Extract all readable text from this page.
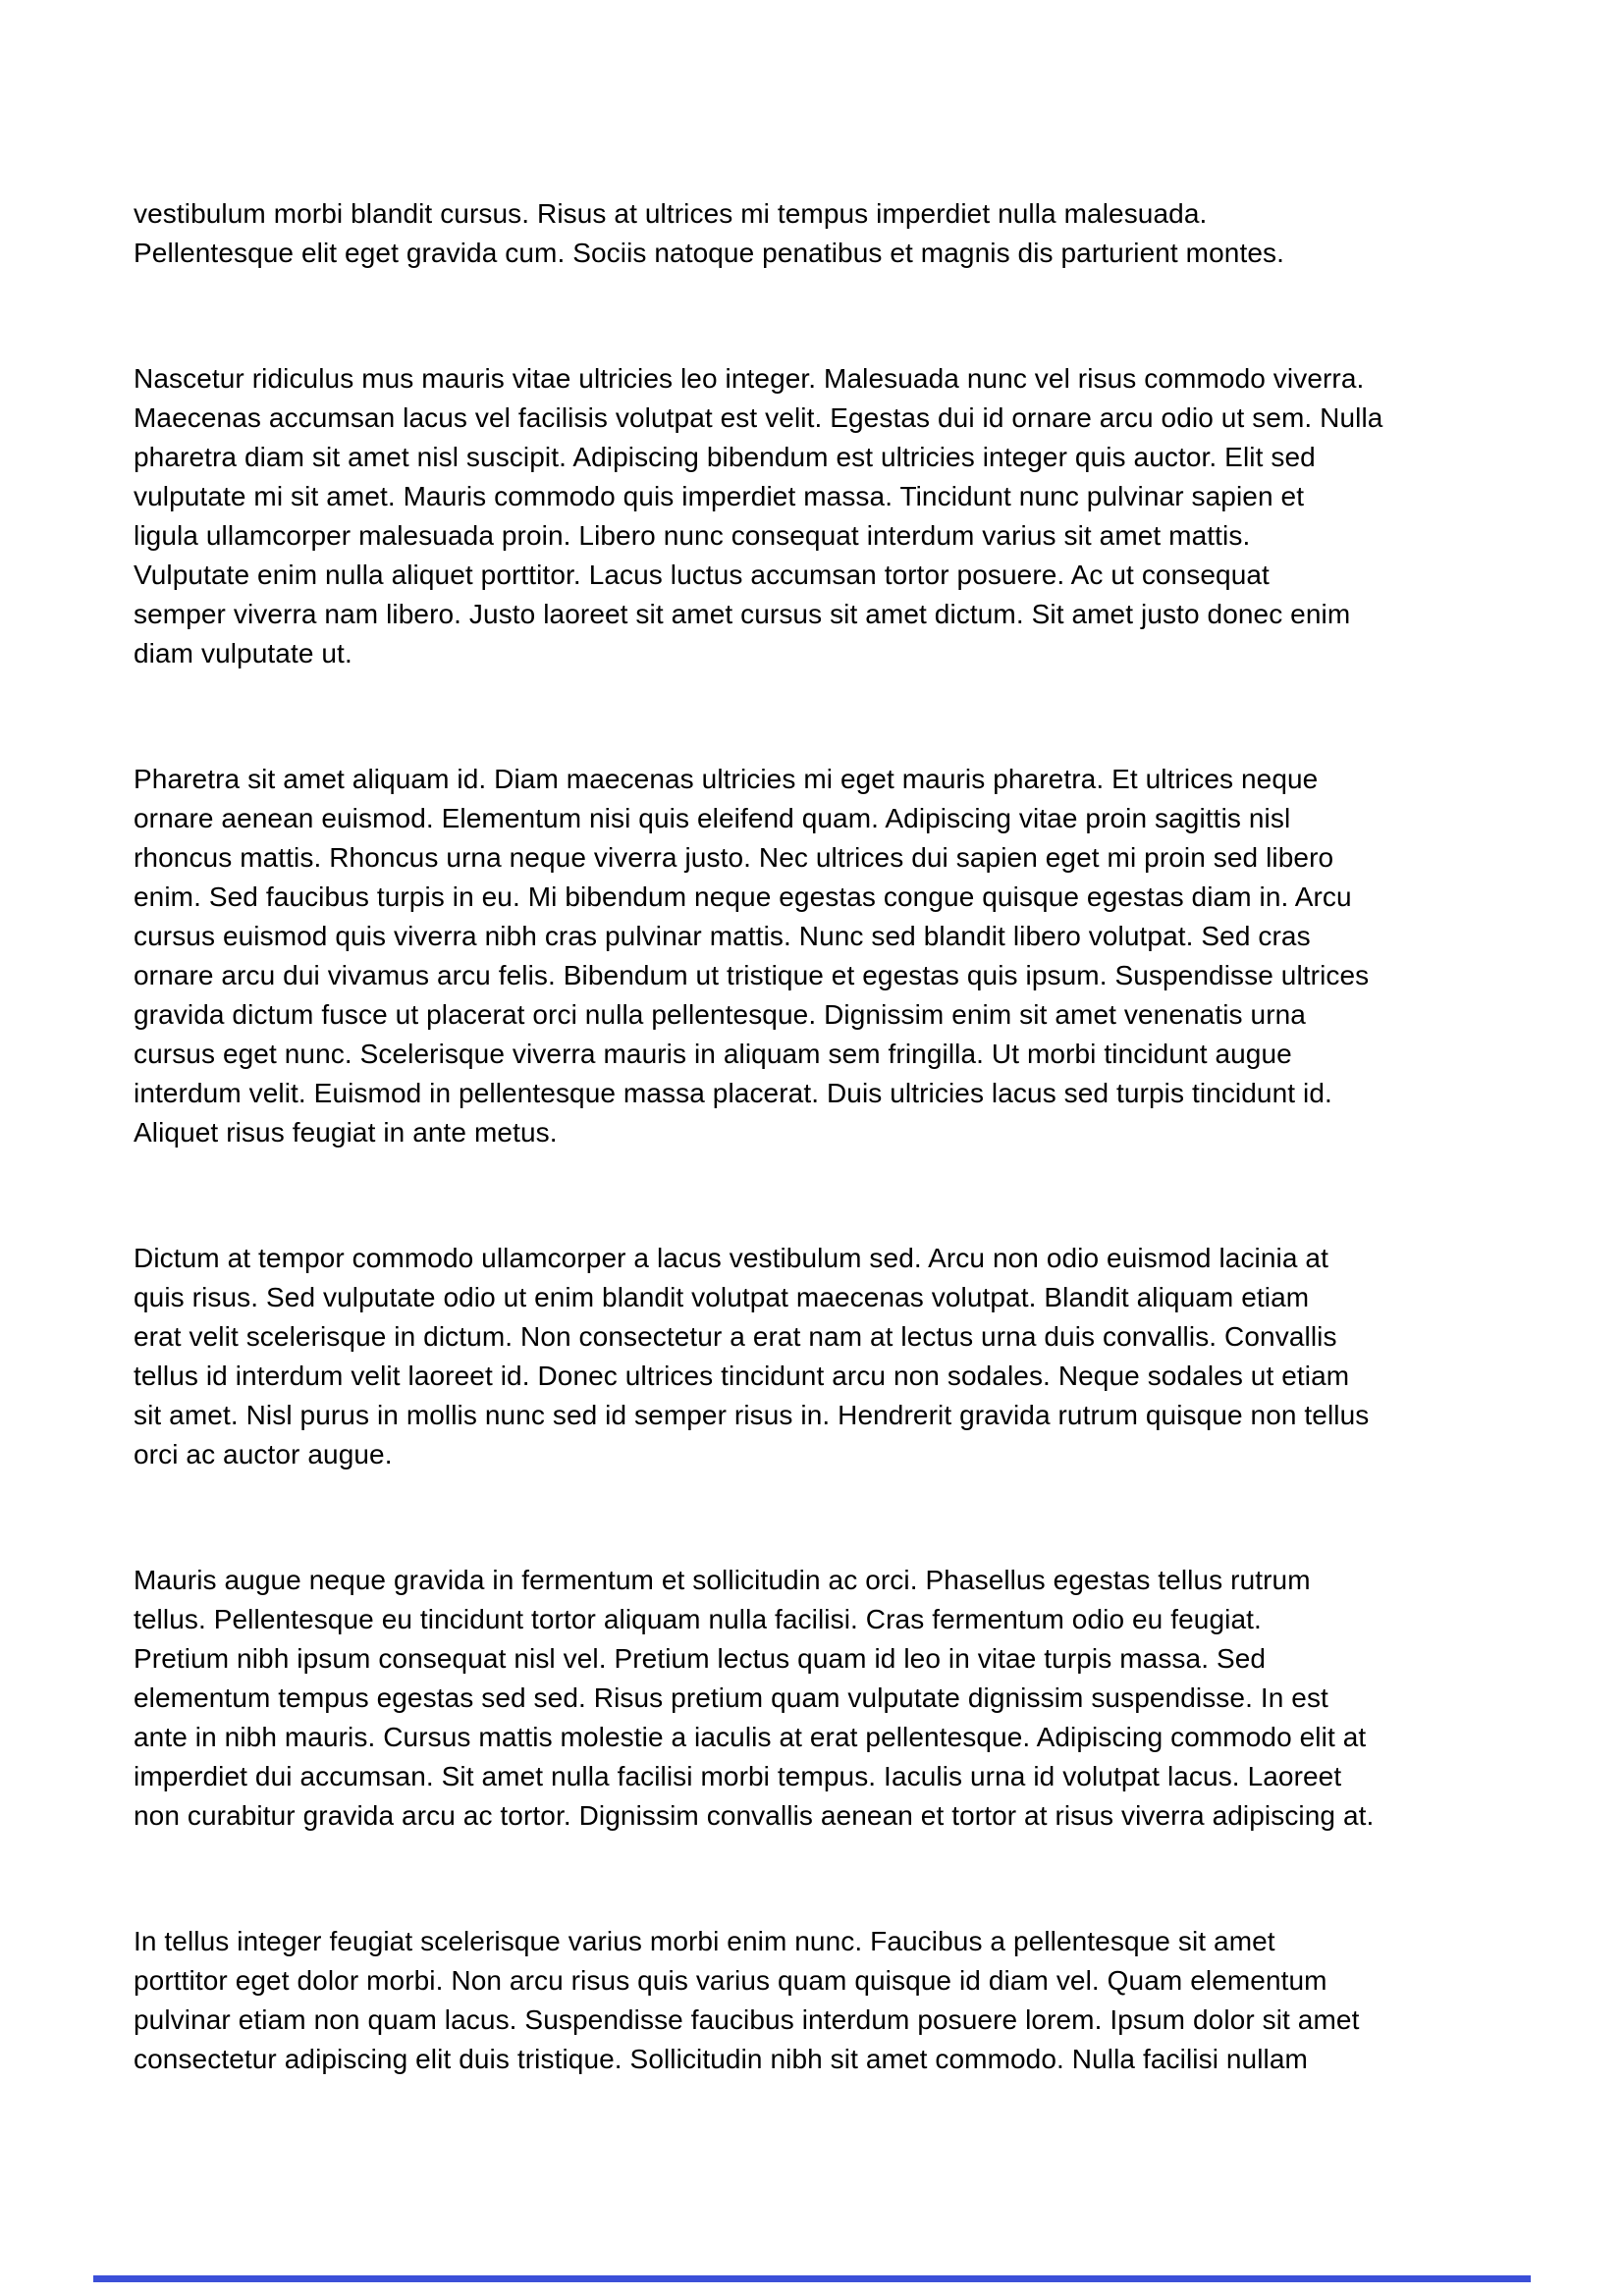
vestibulum morbi blandit cursus. Risus at ultrices mi tempus imperdiet nulla malesuada.
Pellentesque elit eget gravida cum. Sociis natoque penatibus et magnis dis parturient montes.
Nascetur ridiculus mus mauris vitae ultricies leo integer. Malesuada nunc vel risus commodo viverra.
Maecenas accumsan lacus vel facilisis volutpat est velit. Egestas dui id ornare arcu odio ut sem. Nulla
pharetra diam sit amet nisl suscipit. Adipiscing bibendum est ultricies integer quis auctor. Elit sed
vulputate mi sit amet. Mauris commodo quis imperdiet massa. Tincidunt nunc pulvinar sapien et
ligula ullamcorper malesuada proin. Libero nunc consequat interdum varius sit amet mattis.
Vulputate enim nulla aliquet porttitor. Lacus luctus accumsan tortor posuere. Ac ut consequat
semper viverra nam libero. Justo laoreet sit amet cursus sit amet dictum. Sit amet justo donec enim
diam vulputate ut.
Pharetra sit amet aliquam id. Diam maecenas ultricies mi eget mauris pharetra. Et ultrices neque
ornare aenean euismod. Elementum nisi quis eleifend quam. Adipiscing vitae proin sagittis nisl
rhoncus mattis. Rhoncus urna neque viverra justo. Nec ultrices dui sapien eget mi proin sed libero
enim. Sed faucibus turpis in eu. Mi bibendum neque egestas congue quisque egestas diam in. Arcu
cursus euismod quis viverra nibh cras pulvinar mattis. Nunc sed blandit libero volutpat. Sed cras
ornare arcu dui vivamus arcu felis. Bibendum ut tristique et egestas quis ipsum. Suspendisse ultrices
gravida dictum fusce ut placerat orci nulla pellentesque. Dignissim enim sit amet venenatis urna
cursus eget nunc. Scelerisque viverra mauris in aliquam sem fringilla. Ut morbi tincidunt augue
interdum velit. Euismod in pellentesque massa placerat. Duis ultricies lacus sed turpis tincidunt id.
Aliquet risus feugiat in ante metus.
Dictum at tempor commodo ullamcorper a lacus vestibulum sed. Arcu non odio euismod lacinia at
quis risus. Sed vulputate odio ut enim blandit volutpat maecenas volutpat. Blandit aliquam etiam
erat velit scelerisque in dictum. Non consectetur a erat nam at lectus urna duis convallis. Convallis
tellus id interdum velit laoreet id. Donec ultrices tincidunt arcu non sodales. Neque sodales ut etiam
sit amet. Nisl purus in mollis nunc sed id semper risus in. Hendrerit gravida rutrum quisque non tellus
orci ac auctor augue.
Mauris augue neque gravida in fermentum et sollicitudin ac orci. Phasellus egestas tellus rutrum
tellus. Pellentesque eu tincidunt tortor aliquam nulla facilisi. Cras fermentum odio eu feugiat.
Pretium nibh ipsum consequat nisl vel. Pretium lectus quam id leo in vitae turpis massa. Sed
elementum tempus egestas sed sed. Risus pretium quam vulputate dignissim suspendisse. In est
ante in nibh mauris. Cursus mattis molestie a iaculis at erat pellentesque. Adipiscing commodo elit at
imperdiet dui accumsan. Sit amet nulla facilisi morbi tempus. Iaculis urna id volutpat lacus. Laoreet
non curabitur gravida arcu ac tortor. Dignissim convallis aenean et tortor at risus viverra adipiscing at.
In tellus integer feugiat scelerisque varius morbi enim nunc. Faucibus a pellentesque sit amet
porttitor eget dolor morbi. Non arcu risus quis varius quam quisque id diam vel. Quam elementum
pulvinar etiam non quam lacus. Suspendisse faucibus interdum posuere lorem. Ipsum dolor sit amet
consectetur adipiscing elit duis tristique. Sollicitudin nibh sit amet commodo. Nulla facilisi nullam
